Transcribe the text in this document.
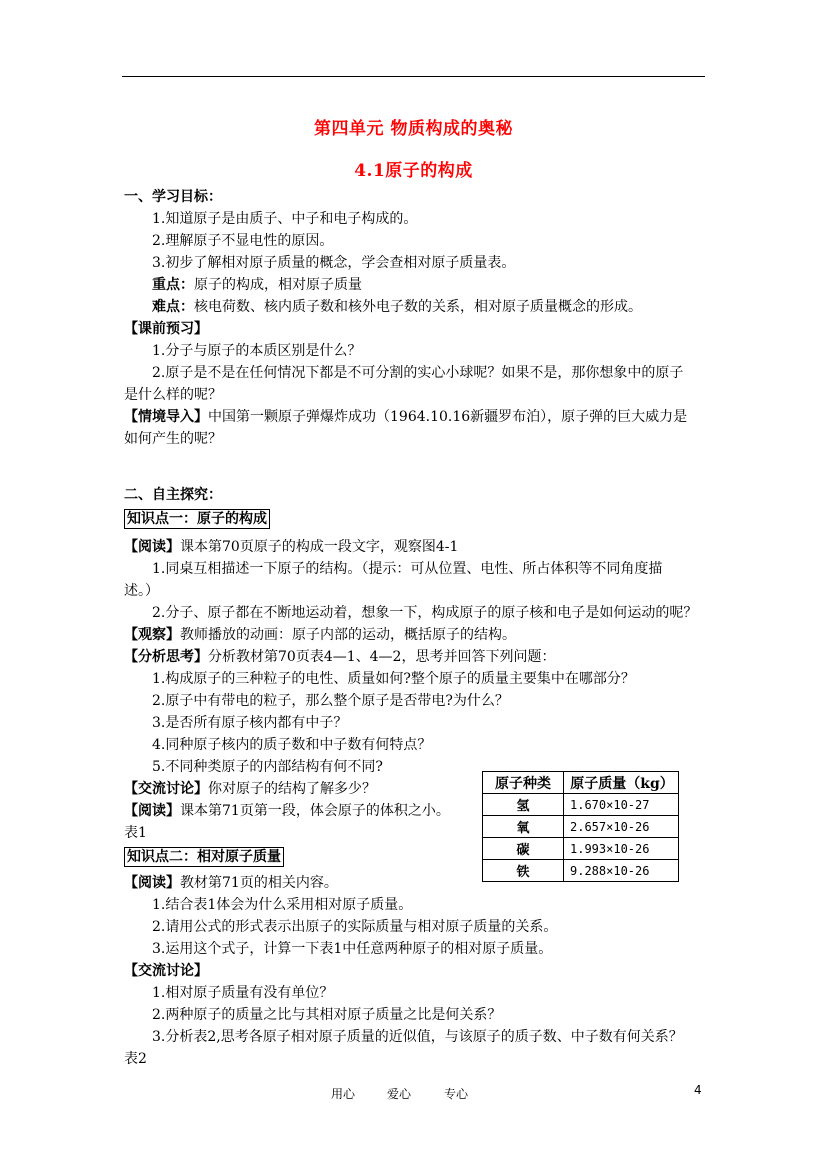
第四单元 物质构成的奥秘
4.1原子的构成
一、学习目标：
1.知道原子是由质子、中子和电子构成的。
2.理解原子不显电性的原因。
3.初步了解相对原子质量的概念，学会查相对原子质量表。
重点：原子的构成，相对原子质量
难点：核电荷数、核内质子数和核外电子数的关系，相对原子质量概念的形成。
【课前预习】
1.分子与原子的本质区别是什么？
2.原子是不是在任何情况下都是不可分割的实心小球呢？如果不是，那你想象中的原子
是什么样的呢？
【情境导入】中国第一颗原子弹爆炸成功（1964.10.16新疆罗布泊），原子弹的巨大威力是
如何产生的呢？
二、自主探究：
知识点一：原子的构成
【阅读】课本第70页原子的构成一段文字，观察图4-1
1.同桌互相描述一下原子的结构。（提示：可从位置、电性、所占体积等不同角度描
述。）
2.分子、原子都在不断地运动着，想象一下，构成原子的原子核和电子是如何运动的呢？
【观察】教师播放的动画：原子内部的运动，概括原子的结构。
【分析思考】分析教材第70页表4—1、4—2，思考并回答下列问题：
1.构成原子的三种粒子的电性、质量如何?整个原子的质量主要集中在哪部分？
2.原子中有带电的粒子，那么整个原子是否带电?为什么？
3.是否所有原子核内都有中子？
4.同种原子核内的质子数和中子数有何特点？
5.不同种类原子的内部结构有何不同?
【交流讨论】你对原子的结构了解多少？
【阅读】课本第71页第一段，体会原子的体积之小。
表1
知识点二：相对原子质量
【阅读】教材第71页的相关内容。
1.结合表1体会为什么采用相对原子质量。
2.请用公式的形式表示出原子的实际质量与相对原子质量的关系。
3.运用这个式子，计算一下表1中任意两种原子的相对原子质量。
【交流讨论】
1.相对原子质量有没有单位？
2.两种原子的质量之比与其相对原子质量之比是何关系？
3.分析表2,思考各原子相对原子质量的近似值，与该原子的质子数、中子数有何关系？
表2
原子种类	原子质量（kg）
氢	1.670×10-27
氧	2.657×10-26
碳	1.993×10-26
铁	9.288×10-26
用心	爱心	专心	4
